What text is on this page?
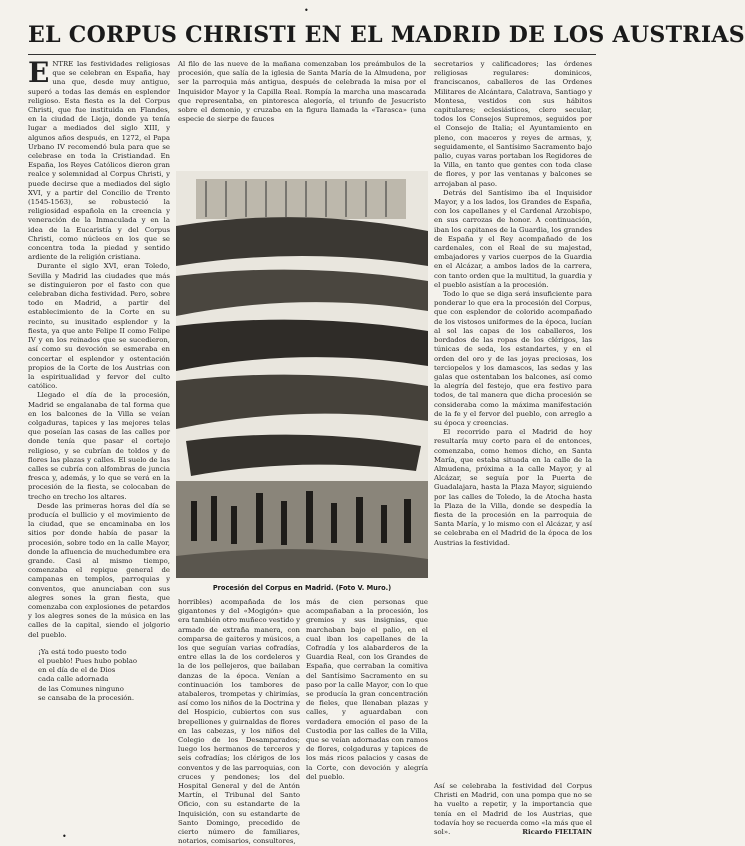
•
EL CORPUS CHRISTI EN EL MADRID DE LOS AUSTRIAS

ENTRE las festividades religiosas que se celebran en España, hay una que, desde muy antiguo, superó a todas las demás en esplendor religioso. Esta fiesta es la del Corpus Christi, que fue instituida en Flandes, en la ciudad de Lieja, donde ya tenía lugar a mediados del siglo XIII, y algunos años después, en 1272, el Papa Urbano IV recomendó bula para que se celebrase en toda la Cristiandad. En España, los Reyes Católicos dieron gran realce y solemnidad al Corpus Christi, y puede decirse que a mediados del siglo XVI, y a partir del Concilio de Trento (1545-1563), se robusteció la religiosidad española en la creencia y veneración de la Inmaculada y en la idea de la Eucaristía y del Corpus Christi, como núcleos en los que se concentra toda la piedad y sentido ardiente de la religión cristiana.

Durante el siglo XVI, eran Toledo, Sevilla y Madrid las ciudades que más se distinguieron por el fasto con que celebraban dicha festividad. Pero, sobre todo en Madrid, a partir del establecimiento de la Corte en su recinto, su inusitado esplendor y la fiesta, ya que ante Felipe II como Felipe IV y en los reinados que se sucedieron, así como su devoción se esmeraba en concertar el esplendor y ostentación propios de la Corte de los Austrias con la espiritualidad y fervor del culto católico.

Llegado el día de la procesión, Madrid se engalanaba de tal forma que en los balcones de la Villa se veían colgaduras, tapices y las mejores telas que poseían las casas de las calles por donde tenía que pasar el cortejo religioso, y se cubrían de toldos y de flores las plazas y calles. El suelo de las calles se cubría con alfombras de juncia fresca y, además, y lo que se verá en la procesión de la fiesta, se colocaban de trecho en trecho los altares.

Desde las primeras horas del día se producía el bullicio y el movimiento de la ciudad, que se encaminaba en los sitios por donde había de pasar la procesión, sobre todo en la calle Mayor, donde la afluencia de muchedumbre era grande. Casi al mismo tiempo, comenzaba el repique general de campanas en templos, parroquias y conventos, que anunciaban con sus alegres sones la gran fiesta, que comenzaba con explosiones de petardos y los alegres sones de la música en las calles de la capital, siendo el jolgorio del pueblo.

¡Ya está todo puesto todo
el pueblo! Pues hubo poblao
en el día de el de Dios
cada calle adornada
de las Comunes ninguno
se cansaba de la procesión.

Al filo de las nueve de la mañana comenzaban los preámbulos de la procesión, que salía de la iglesia de Santa María de la Almudena, por ser la parroquia más antigua, después de celebrada la misa por el Inquisidor Mayor y la Capilla Real. Rompía la marcha una mascarada que representaba, en pintoresca alegoría, el triunfo de Jesucristo sobre el demonio, y cruzaba en la figura llamada la «Tarasca» (una especie de sierpe de fauces

Procesión del Corpus en Madrid. (Foto V. Muro.)

secretarios y calificadores; las órdenes religiosas regulares: dominicos, franciscanos, caballeros de las Ordenes Militares de Alcántara, Calatrava, Santiago y Montesa, vestidos con sus hábitos capitulares; eclesiásticos, clero secular, todos los Consejos Supremos, seguidos por el Consejo de Italia; el Ayuntamiento en pleno, con maceros y reyes de armas, y, seguidamente, el Santísimo Sacramento bajo palio, cuyas varas portaban los Regidores de la Villa, en tanto que gentes con toda clase de flores, y por las ventanas y balcones se arrojaban al paso.

Detrás del Santísimo iba el Inquisidor Mayor, y a los lados, los Grandes de España, con los capellanes y el Cardenal Arzobispo, en sus carrozas de honor. A continuación, iban los capitanes de la Guardia, los grandes de España y el Rey acompañado de los cardenales, con el Real de su majestad, embajadores y varios cuerpos de la Guardia en el Alcázar, a ambos lados de la carrera, con tanto orden que la multitud, la guardia y el pueblo asistían a la procesión.

Todo lo que se diga será insuficiente para ponderar lo que era la procesión del Corpus, que con esplendor de colorido acompañado de los vistosos uniformes de la época, lucían al sol las capas de los caballeros, los bordados de las ropas de los clérigos, las túnicas de seda, los estandartes, y en el orden del oro y de las joyas preciosas, los terciopelos y los damascos, las sedas y las galas que ostentaban los balcones, así como la alegría del festejo, que era festivo para todos, de tal manera que dicha procesión se consideraba como la máxima manifestación de la fe y el fervor del pueblo, con arreglo a su época y creencias.

El recorrido para el Madrid de hoy resultaría muy corto para el de entonces, comenzaba, como hemos dicho, en Santa María, que estaba situada en la calle de la Almudena, próxima a la calle Mayor, y al Alcázar, se seguía por la Puerta de Guadalajara, hasta la Plaza Mayor, siguiendo por las calles de Toledo, la de Atocha hasta la Plaza de la Villa, donde se despedía la fiesta de la procesión en la parroquia de Santa María, y lo mismo con el Alcázar, y así se celebraba en el Madrid de la época de los Austrias la festividad.

horribles) acompañada de los gigantones y del «Mogigón» que era también otro muñeco vestido y armado de extraña manera, con comparsa de gaiteros y músicos, a los que seguían varias cofradías, entre ellas la de los cordeleros y la de los pellejeros, que bailaban danzas de la época. Venían a continuación los tambores de atabaleros, trompetas y chirimías, así como los niños de la Doctrina y del Hospicio, cubiertos con sus brepelliones y guirnaldas de flores en las cabezas, y los niños del Colegio de los Desamparados; luego los hermanos de terceros y seis cofradías; los clérigos de los conventos y de las parroquias, con cruces y pendones; los del Hospital General y del de Antón Martín, el Tribunal del Santo Oficio, con su estandarte de la Inquisición, con su estandarte de Santo Domingo, precedido de cierto número de familiares, notarios, comisarios, consultores,

más de cien personas que acompañaban a la procesión, los gremios y sus insignias, que marchaban bajo el palio, en el cual iban los capellanes de la Cofradía y los alabarderos de la Guardia Real, con los Grandes de España, que cerraban la comitiva del Santísimo Sacramento en su paso por la calle Mayor, con lo que se producía la gran concentración de fieles, que llenaban plazas y calles, y aguardaban con verdadera emoción el paso de la Custodia por las calles de la Villa, que se veían adornadas con ramos de flores, colgaduras y tapices de los más ricos palacios y casas de la Corte, con devoción y alegría del pueblo.

Así se celebraba la festividad del Corpus Christi en Madrid, con una pompa que no se ha vuelto a repetir, y la importancia que tenía en el Madrid de los Austrias, que todavía hoy se recuerda como «la más que el sol».	Ricardo FIELTAIN
•
